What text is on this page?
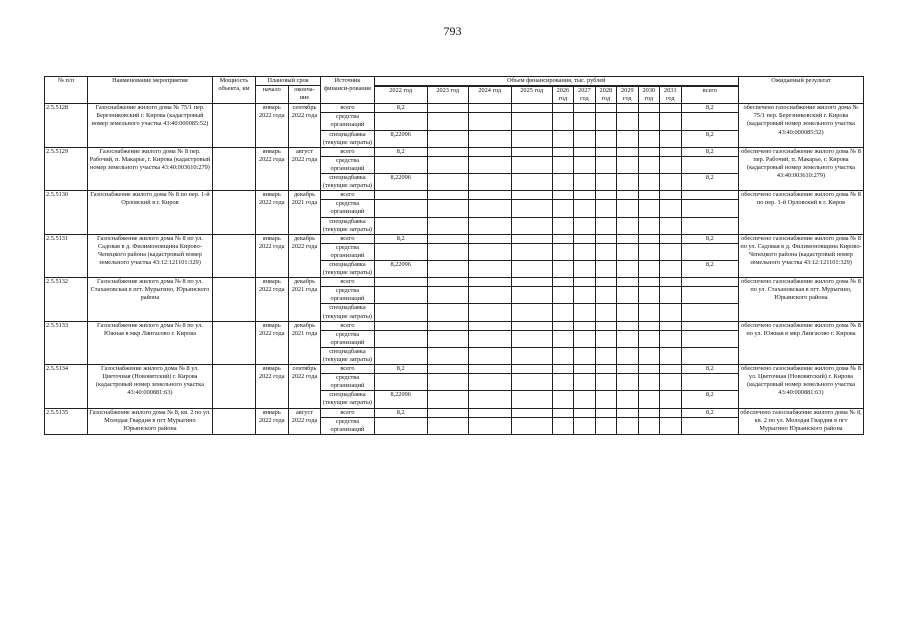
793
№ п/п	Наименование мероприятия	Мощность объекта, км	Плановый срок		Источник финанси-рования	Объем финансирования, тыс. рублей											Ожидаемый результат
			начало	оконча-ние													
						2022 год	2023 год	2024 год	2025 год	2026 год	2027 год	2028 год	2029 год	2030 год	2031 год	всего	
2.5.5128	Газоснабжение жилого дома № 75/1 пер. Березниковский г. Кирова (кадастровый номер земельного участка 43:40:000085:52)		январь 2022 года	сентябрь 2022 года	всего	8,2										8,2	обеспечено газоснабжение жилого дома № 75/1 пер. Березниковский г. Кирова (кадастровый номер земельного участка 43:40:000085:52)
					средства организаций												
					спецнадбавка (текущие затраты)	8,22096										8,2	
2.5.5129	Газоснабжение жилого дома № 8 пер. Рабочий, п. Макарье, г. Кирова (кадастровый номер земельного участка 43:40:003610:279)		январь 2022 года	август 2022 года	всего	8,2										8,2	обеспечено газоснабжение жилого дома № 8 пер. Рабочий, п. Макарье, г. Кирова (кадастровый номер земельного участка 43:40:003610:279)
					средства организаций												
					спецнадбавка (текущие затраты)	8,22096										8,2	
2.5.5130	Газоснабжение жилого дома № 8 по пер. 1-й Орловский в г. Киров		январь 2022 года	декабрь 2021 года	всего												обеспечено газоснабжение жилого дома № 8 по пер. 1-й Орловский в г. Киров
					средства организаций												
					спецнадбавка (текущие затраты)												
2.5.5131	Газоснабжение жилого дома № 8 по ул. Садовая в д. Филимоновщина Кирово-Чепецкого района (кадастровый номер земельного участка 43:12:121101:329)		январь 2022 года	декабрь 2022 года	всего	8,2										8,2	обеспечено газоснабжение жилого дома № 8 по ул. Садовая в д. Филимоновщина Кирово-Чепецкого района (кадастровый номер земельного участка 43:12:121101:329)
					средства организаций												
					спецнадбавка (текущие затраты)	8,22096										8,2	
2.5.5132	Газоснабжение жилого дома № 8 по ул. Стахановская в пгт. Мурыгино, Юрьянского района		январь 2022 года	декабрь 2021 года	всего												обеспечено газоснабжение жилого дома № 8 по ул. Стахановская в пгт. Мурыгино, Юрьянского района
					средства организаций												
					спецнадбавка (текущие затраты)												
2.5.5133	Газоснабжение жилого дома № 8 по ул. Южная в мкр Лянгасово г. Кирова		январь 2022 года	декабрь 2021 года	всего												обеспечено газоснабжение жилого дома № 8 по ул. Южная в мкр Лянгасово г. Кирова
					средства организаций												
					спецнадбавка (текущие затраты)												
2.5.5134	Газоснабжение жилого дома № 8 ул. Цветочная (Нововятский) г. Кирова (кадастровый номер земельного участка 43:40:000881:63)		январь 2022 года	сентябрь 2022 года	всего	8,2										8,2	обеспечено газоснабжение жилого дома № 8 ул. Цветочная (Нововятский) г. Кирова (кадастровый номер земельного участка 43:40:000881:63)
					средства организаций												
					спецнадбавка (текущие затраты)	8,22096										8,2	
2.5.5135	Газоснабжение жилого дома № 8, кв. 2 по ул. Молодая Гвардия в пгт Мурыгино Юрьянского района		январь 2022 года	август 2022 года	всего	8,2										8,2	обеспечено газоснабжение жилого дома № 8, кв. 2 по ул. Молодая Гвардия в пгт Мурыгино Юрьянского района
					средства организаций												
